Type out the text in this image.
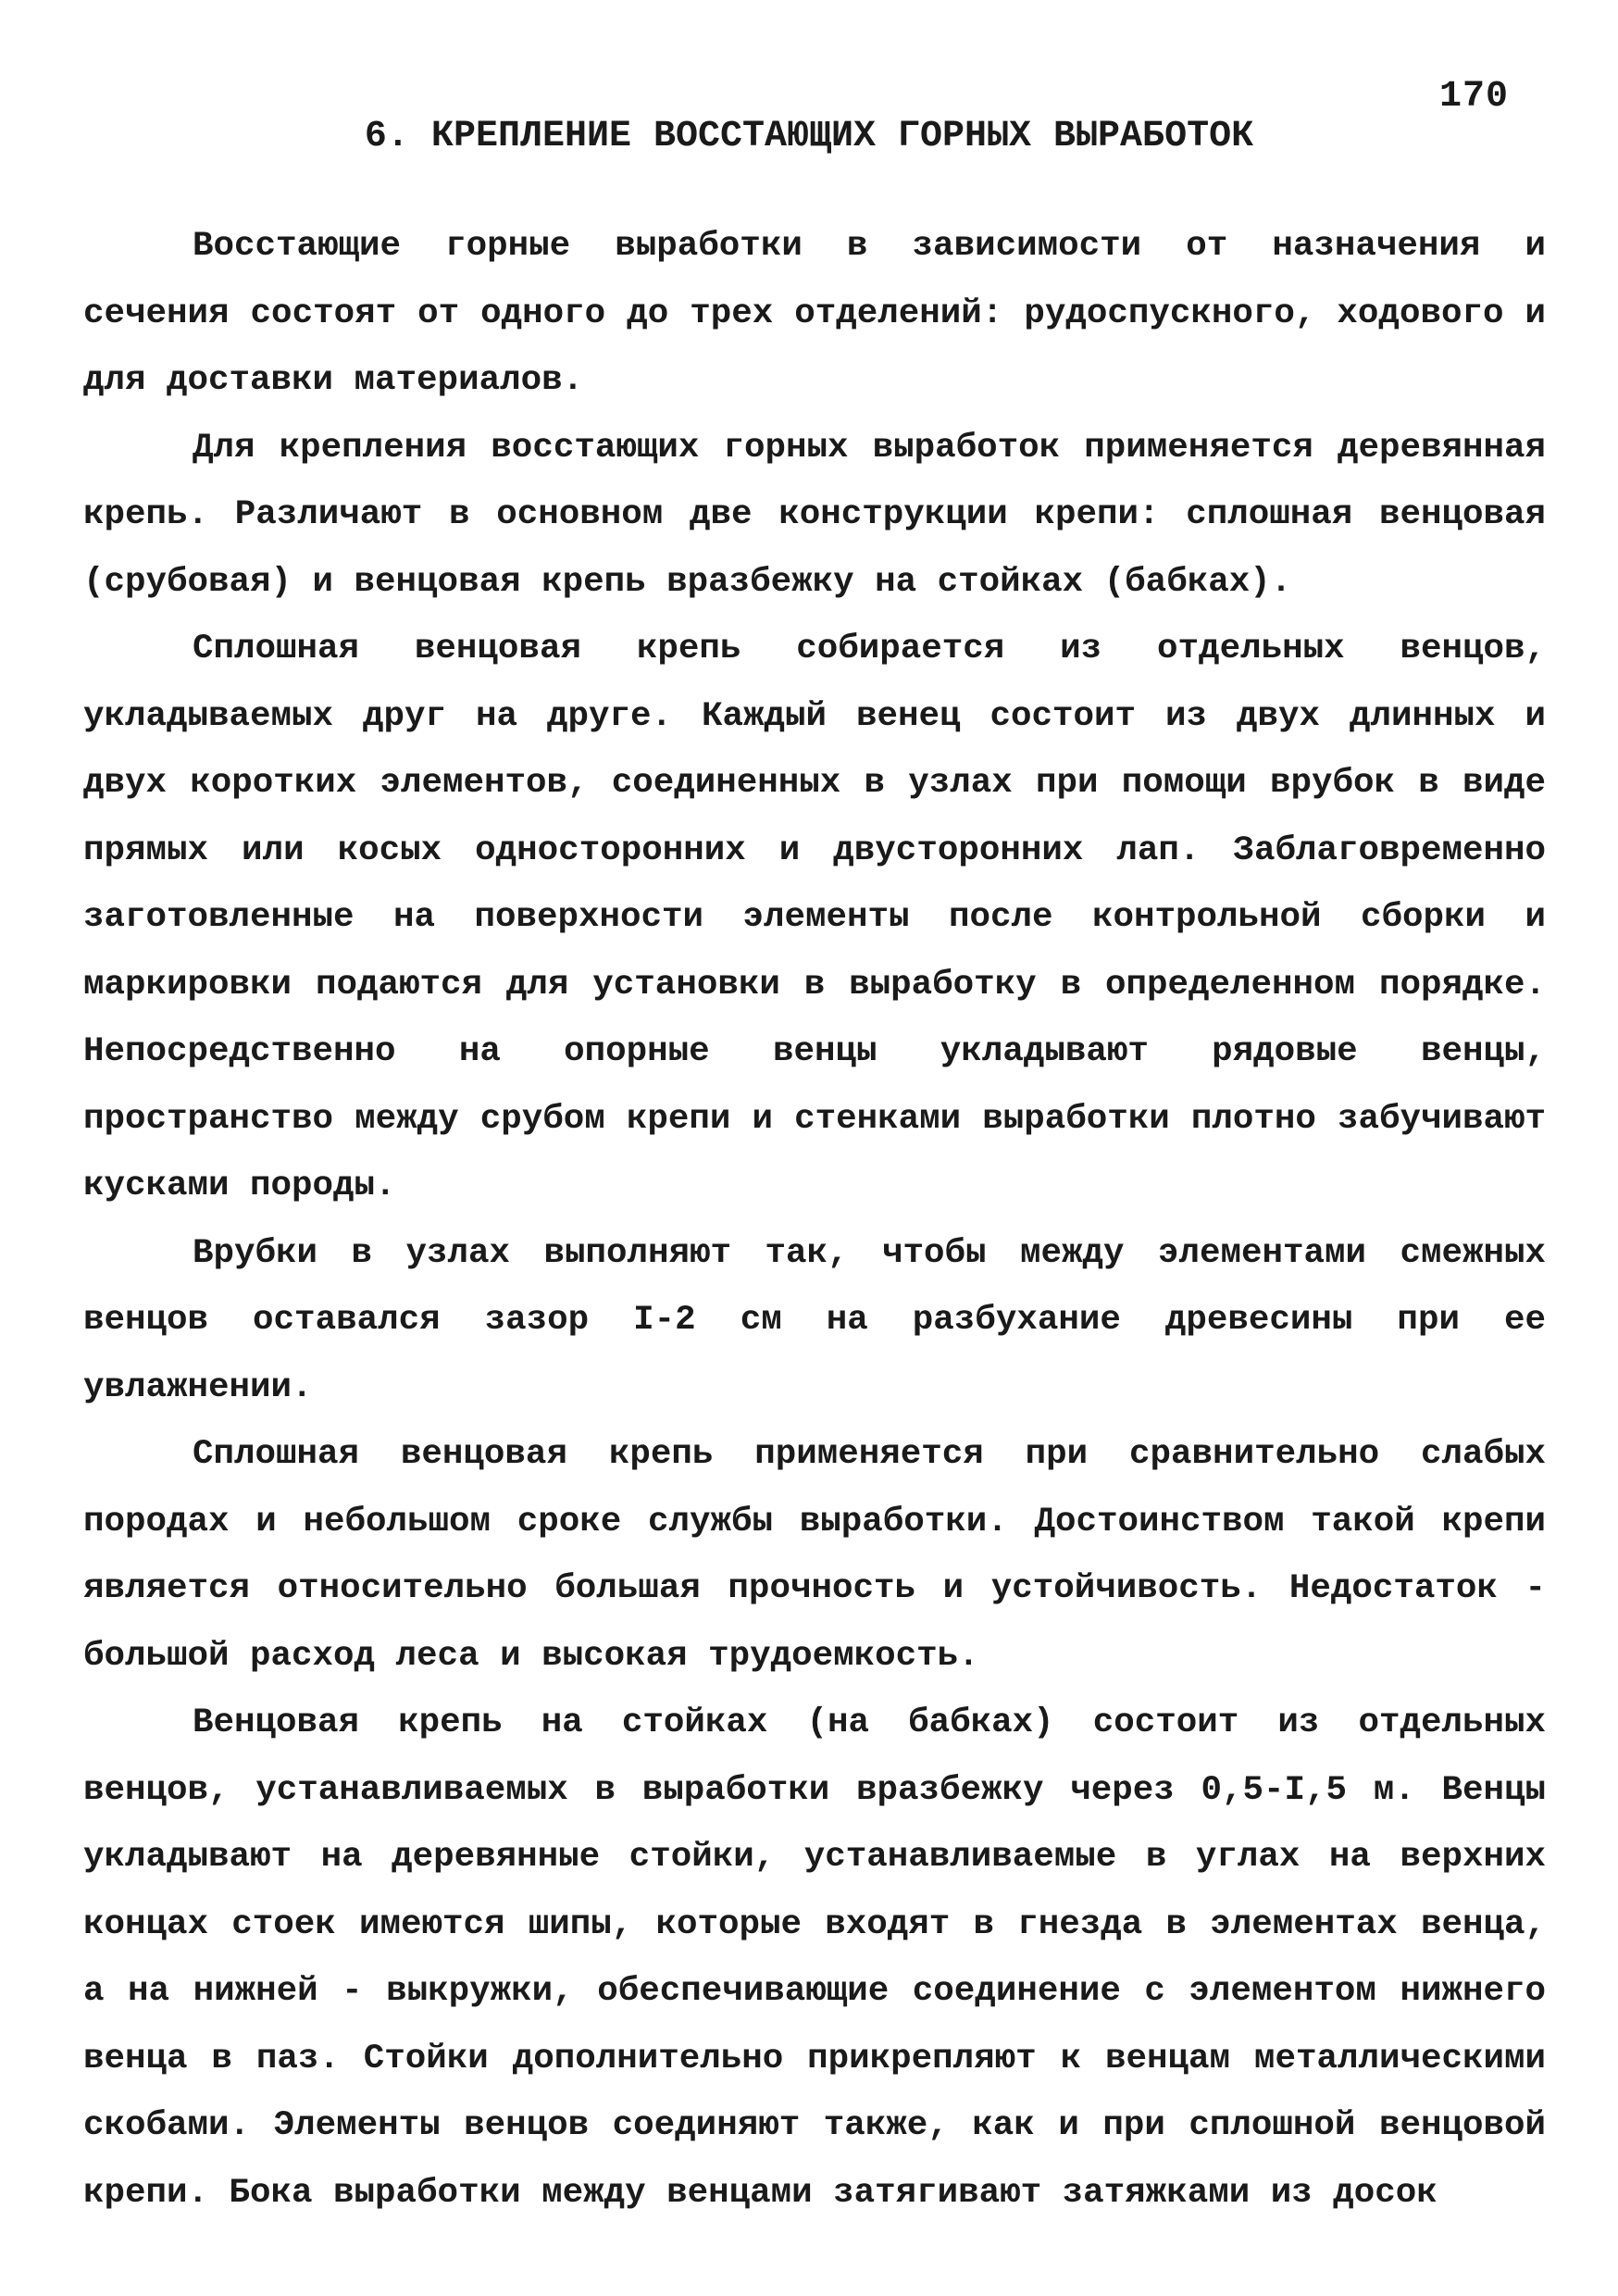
170
6. КРЕПЛЕНИЕ ВОССТАЮЩИХ ГОРНЫХ ВЫРАБОТОК

Восстающие горные выработки в зависимости от назначения и сечения состоят от одного до трех отделений: рудоспускного, ходового и для доставки материалов.

Для крепления восстающих горных выработок применяется деревянная крепь. Различают в основном две конструкции крепи: сплошная венцовая (срубовая) и венцовая крепь вразбежку на стойках (бабках).

Сплошная венцовая крепь собирается из отдельных венцов, укладываемых друг на друге. Каждый венец состоит из двух длинных и двух коротких элементов, соединенных в узлах при помощи врубок в виде прямых или косых односторонних и двусторонних лап. Заблаговременно заготовленные на поверхности элементы после контрольной сборки и маркировки подаются для установки в выработку в определенном порядке. Непосредственно на опорные венцы укладывают рядовые венцы, пространство между срубом крепи и стенками выработки плотно забучивают кусками породы.

Врубки в узлах выполняют так, чтобы между элементами смежных венцов оставался зазор I-2 см на разбухание древесины при ее увлажнении.

Сплошная венцовая крепь применяется при сравнительно слабых породах и небольшом сроке службы выработки. Достоинством такой крепи является относительно большая прочность и устойчивость. Недостаток - большой расход леса и высокая трудоемкость.

Венцовая крепь на стойках (на бабках) состоит из отдельных венцов, устанавливаемых в выработки вразбежку через 0,5-I,5 м. Венцы укладывают на деревянные стойки, устанавливаемые в углах на верхних концах стоек имеются шипы, которые входят в гнезда в элементах венца, а на нижней - выкружки, обеспечивающие соединение с элементом нижнего венца в паз. Стойки дополнительно прикрепляют к венцам металлическими скобами. Элементы венцов соединяют также, как и при сплошной венцовой крепи. Бока выработки между венцами затягивают затяжками из досок
